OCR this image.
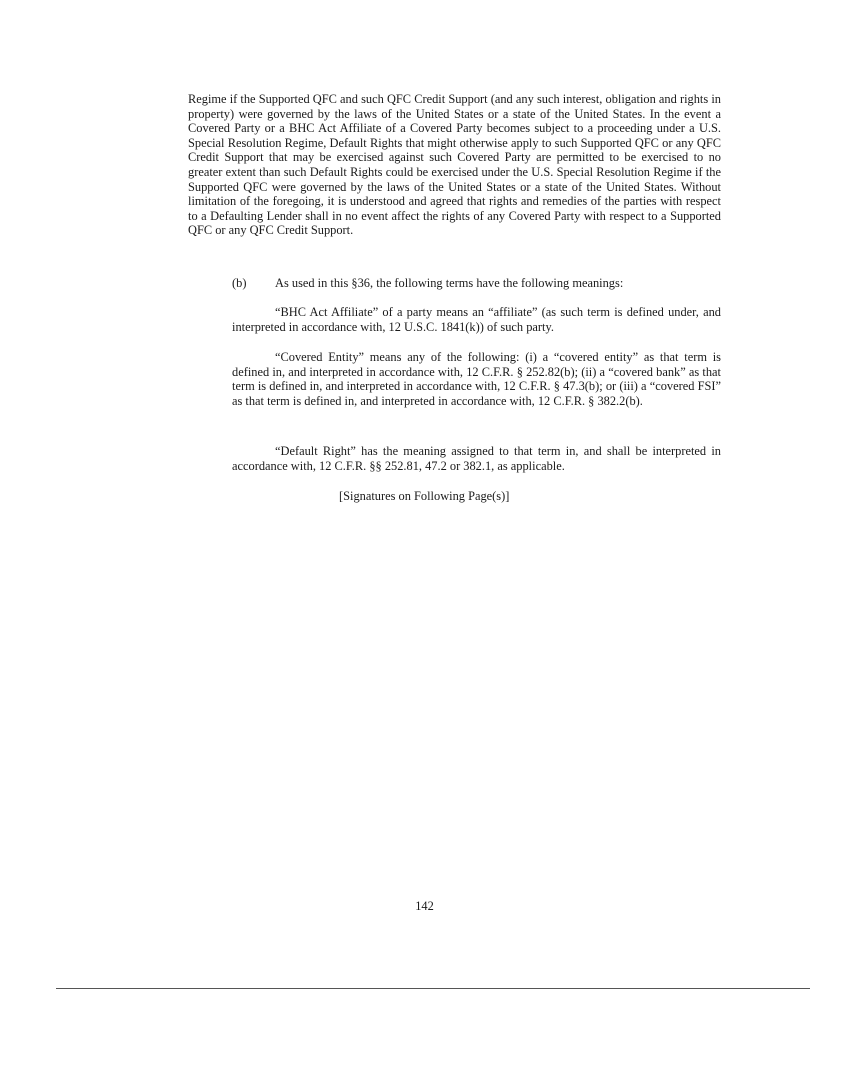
Regime if the Supported QFC and such QFC Credit Support (and any such interest, obligation and rights in property) were governed by the laws of the United States or a state of the United States. In the event a Covered Party or a BHC Act Affiliate of a Covered Party becomes subject to a proceeding under a U.S. Special Resolution Regime, Default Rights that might otherwise apply to such Supported QFC or any QFC Credit Support that may be exercised against such Covered Party are permitted to be exercised to no greater extent than such Default Rights could be exercised under the U.S. Special Resolution Regime if the Supported QFC were governed by the laws of the United States or a state of the United States. Without limitation of the foregoing, it is understood and agreed that rights and remedies of the parties with respect to a Defaulting Lender shall in no event affect the rights of any Covered Party with respect to a Supported QFC or any QFC Credit Support.

(b) As used in this §36, the following terms have the following meanings:

“BHC Act Affiliate” of a party means an “affiliate” (as such term is defined under, and interpreted in accordance with, 12 U.S.C. 1841(k)) of such party.

“Covered Entity” means any of the following: (i) a “covered entity” as that term is defined in, and interpreted in accordance with, 12 C.F.R. § 252.82(b); (ii) a “covered bank” as that term is defined in, and interpreted in accordance with, 12 C.F.R. § 47.3(b); or (iii) a “covered FSI” as that term is defined in, and interpreted in accordance with, 12 C.F.R. § 382.2(b).

“Default Right” has the meaning assigned to that term in, and shall be interpreted in accordance with, 12 C.F.R. §§ 252.81, 47.2 or 382.1, as applicable.

[Signatures on Following Page(s)]

142
